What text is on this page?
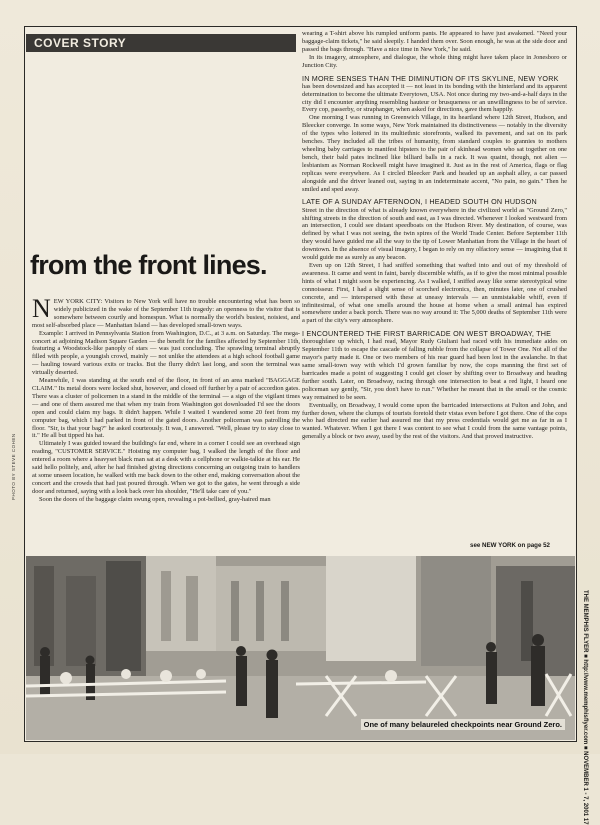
COVER STORY
from the front lines.

NEW YORK CITY: Visitors to New York will have no trouble encountering what has been so widely publicized in the wake of the September 11th tragedy: an openness to the visitor that is somewhere between courtly and homespun. What is normally the world's busiest, noisiest, and most self-absorbed place — Manhattan Island — has developed small-town ways.

Example: I arrived in Pennsylvania Station from Washington, D.C., at 3 a.m. on Saturday. The mega-concert at adjoining Madison Square Garden — the benefit for the families affected by September 11th, featuring a Woodstock-like panoply of stars — was just concluding. The sprawling terminal abruptly filled with people, a youngish crowd, mainly — not unlike the attendees at a high school football game — hauling toward various exits or tracks. But the flurry didn't last long, and soon the terminal was virtually deserted.

Meanwhile, I was standing at the south end of the floor, in front of an area marked "BAGGAGE CLAIM." Its metal doors were locked shut, however, and closed off further by a pair of accordion gates. There was a cluster of policemen in a stand in the middle of the terminal — a sign of the vigilant times — and one of them assured me that when my train from Washington got downloaded I'd see the doors open and could claim my bags. It didn't happen. While I waited I wandered some 20 feet from my computer bag, which I had parked in front of the gated doors. Another policeman was patrolling the floor. "Sir, is that your bag?" he asked courteously. It was, I answered. "Well, please try to stay close to it." He all but tipped his hat.

Ultimately I was guided toward the building's far end, where in a corner I could see an overhead sign reading, "CUSTOMER SERVICE." Hoisting my computer bag, I walked the length of the floor and entered a room where a heavyset black man sat at a desk with a cellphone or walkie-talkie at his ear. He said hello politely, and, after he had finished giving directions concerning an outgoing train to handlers at some unseen location, he walked with me back down to the other end, making conversation about the concert and the crowds that had just poured through. When we got to the gates, he went through a side door and returned, saying with a look back over his shoulder, "He'll take care of you."

Soon the doors of the baggage claim swung open, revealing a pot-bellied, gray-haired man

wearing a T-shirt above his rumpled uniform pants. He appeared to have just awakened. "Need your baggage-claim tickets," he said sleepily. I handed them over. Soon enough, he was at the side door and passed the bags through. "Have a nice time in New York," he said.

In its imagery, atmosphere, and dialogue, the whole thing might have taken place in Jonesboro or Junction City.

IN MORE SENSES THAN THE DIMINUTION OF ITS SKYLINE, NEW YORK

has been downsized and has accepted it — not least in its bonding with the hinterland and its apparent determination to become the ultimate Everytown, USA. Not once during my two-and-a-half days in the city did I encounter anything resembling hauteur or brusqueness or an unwillingness to be of service. Every cop, passerby, or straphanger, when asked for directions, gave them happily.

One morning I was running in Greenwich Village, in its heartland where 12th Street, Hudson, and Bleecker converge. In some ways, New York maintained its distinctiveness — notably in the diversity of the types who loitered in its multiethnic storefronts, walked its pavement, and sat on its park benches. They included all the tribes of humanity, from standard couples to grannies to mothers wheeling baby carriages to manifest hipsters to the pair of skinhead women who sat together on one bench, their bald pates inclined like billiard balls in a rack. It was quaint, though, not alien — lesbianism as Norman Rockwell might have imagined it. Just as in the rest of America, flags or flag replicas were everywhere. As I circled Bleecker Park and headed up an asphalt alley, a car passed alongside and the driver leaned out, saying in an indeterminate accent, "No pain, no gain." Then he smiled and sped away.

LATE OF A SUNDAY AFTERNOON, I HEADED SOUTH ON HUDSON

Street in the direction of what is already known everywhere in the civilized world as "Ground Zero," shifting streets in the direction of south and east, as I was directed. Whenever I looked westward from an intersection, I could see distant speedboats on the Hudson River. My destination, of course, was defined by what I was not seeing, the twin spires of the World Trade Center. Before September 11th they would have guided me all the way to the tip of Lower Manhattan from the Village in the heart of downtown. In the absence of visual imagery, I began to rely on my olfactory sense — imagining that it would guide me as surely as any beacon.

Even up on 12th Street, I had sniffed something that wafted into and out of my threshold of awareness. It came and went in faint, barely discernible whiffs, as if to give the most minimal possible hints of what I might soon be experiencing. As I walked, I sniffed away like some stereotypical wine connoisseur. First, I had a slight sense of scorched electronics, then, minutes later, one of crushed concrete, and — interspersed with these at uneasy intervals — an unmistakable whiff, even if infinitesimal, of what one smells around the house at home when a small animal has expired somewhere under a back porch. There was no way around it: The 5,000 deaths of September 11th were a part of the city's very atmosphere.

I ENCOUNTERED THE FIRST BARRICADE ON WEST BROADWAY, THE

thoroughfare up which, I had read, Mayor Rudy Giuliani had raced with his immediate aides on September 11th to escape the cascade of falling rubble from the collapse of Tower One. Not all of the mayor's party made it. One or two members of his rear guard had been lost in the avalanche. In that same small-town way with which I'd grown familiar by now, the cops manning the first set of barricades made a point of suggesting I could get closer by shifting over to Broadway and heading further south. Later, on Broadway, racing through one intersection to beat a red light, I heard one policeman say gently, "Sir, you don't have to run." Whether he meant that in the small or the cosmic way remained to be seen.

Eventually, on Broadway, I would come upon the barricaded intersections at Fulton and John, and further down, where the clumps of tourists foretold their vistas even before I got there. One of the cops who had directed me earlier had assured me that my press credentials would get me as far in as I wanted. Whatever. When I got there I was content to see what I could from the same vantage points, generally a block or two away, used by the rest of the visitors. And that proved instructive.

see NEW YORK on page 52
One of many belaureled checkpoints near Ground Zero.
PHOTO BY STEVE COHEN
THE MEMPHIS FLYER ■ http://www.memphisflyer.com ■ NOVEMBER 1 - 7, 2001 17
